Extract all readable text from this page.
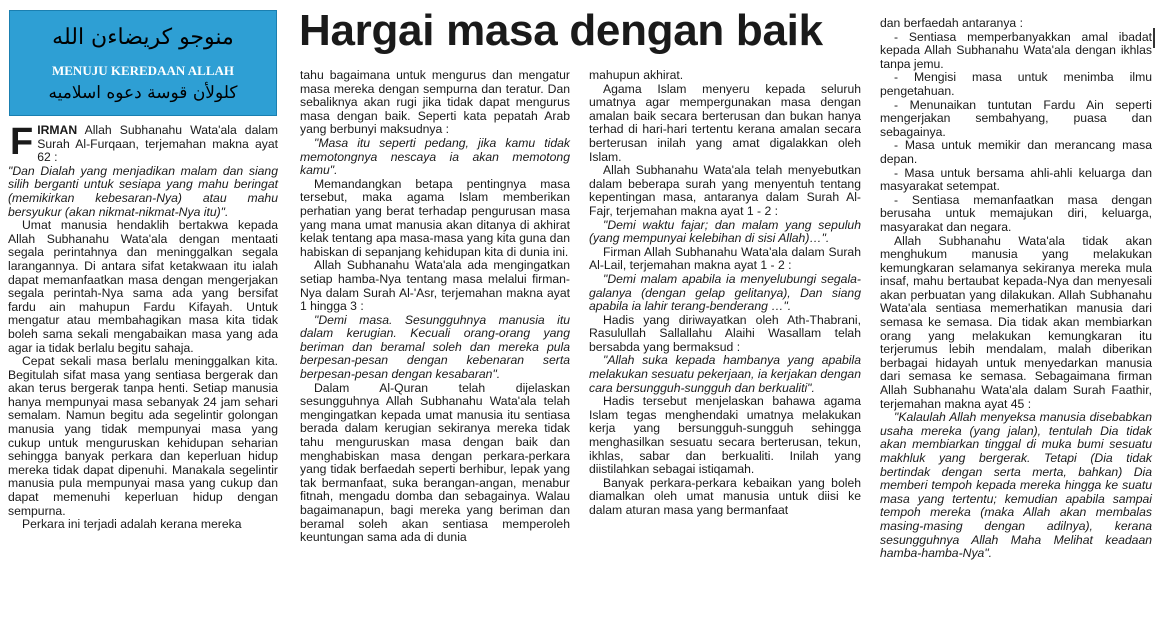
منوجو كريضاءن الله
MENUJU KEREDAAN ALLAH
كلولأن قوسة دعوه اسلاميه
Hargai masa dengan baik

FIRMAN Allah Subhanahu Wata'ala dalam Surah Al-Furqaan, terjemahan makna ayat 62 :

"Dan Dialah yang menjadikan malam dan siang silih berganti untuk sesiapa yang mahu beringat (memikirkan kebesaran-Nya) atau mahu bersyukur (akan nikmat-nikmat-Nya itu)".

Umat manusia hendaklih bertakwa kepada Allah Subhanahu Wata'ala dengan mentaati segala perintahnya dan meninggalkan segala larangannya. Di antara sifat ketakwaan itu ialah dapat memanfaatkan masa dengan mengerjakan segala perintah-Nya sama ada yang bersifat fardu ain mahupun Fardu Kifayah. Untuk mengatur atau membahagikan masa kita tidak boleh sama sekali mengabaikan masa yang ada agar ia tidak berlalu begitu sahaja.

Cepat sekali masa berlalu meninggalkan kita. Begitulah sifat masa yang sentiasa bergerak dan akan terus bergerak tanpa henti. Setiap manusia hanya mempunyai masa sebanyak 24 jam sehari semalam. Namun begitu ada segelintir golongan manusia yang tidak mempunyai masa yang cukup untuk menguruskan kehidupan seharian sehingga banyak perkara dan keperluan hidup mereka tidak dapat dipenuhi. Manakala segelintir manusia pula mempunyai masa yang cukup dan dapat memenuhi keperluan hidup dengan sempurna.

Perkara ini terjadi adalah kerana mereka

tahu bagaimana untuk mengurus dan mengatur masa mereka dengan sempurna dan teratur. Dan sebaliknya akan rugi jika tidak dapat mengurus masa dengan baik. Seperti kata pepatah Arab yang berbunyi maksudnya :

"Masa itu seperti pedang, jika kamu tidak memotongnya nescaya ia akan memotong kamu".

Memandangkan betapa pentingnya masa tersebut, maka agama Islam memberikan perhatian yang berat terhadap pengurusan masa yang mana umat manusia akan ditanya di akhirat kelak tentang apa masa-masa yang kita guna dan habiskan di sepanjang kehidupan kita di dunia ini.

Allah Subhanahu Wata'ala ada mengingatkan setiap hamba-Nya tentang masa melalui firman-Nya dalam Surah Al-'Asr, terjemahan makna ayat 1 hingga 3 :

"Demi masa. Sesungguhnya manusia itu dalam kerugian. Kecuali orang-orang yang beriman dan beramal soleh dan mereka pula berpesan-pesan dengan kebenaran serta berpesan-pesan dengan kesabaran".

Dalam Al-Quran telah dijelaskan sesungguhnya Allah Subhanahu Wata'ala telah mengingatkan kepada umat manusia itu sentiasa berada dalam kerugian sekiranya mereka tidak tahu menguruskan masa dengan baik dan menghabiskan masa dengan perkara-perkara yang tidak berfaedah seperti berhibur, lepak yang tak bermanfaat, suka berangan-angan, menabur fitnah, mengadu domba dan sebagainya. Walau bagaimanapun, bagi mereka yang beriman dan beramal soleh akan sentiasa memperoleh keuntungan sama ada di dunia

mahupun akhirat.

Agama Islam menyeru kepada seluruh umatnya agar mempergunakan masa dengan amalan baik secara berterusan dan bukan hanya terhad di hari-hari tertentu kerana amalan secara berterusan inilah yang amat digalakkan oleh Islam.

Allah Subhanahu Wata'ala telah menyebutkan dalam beberapa surah yang menyentuh tentang kepentingan masa, antaranya dalam Surah Al-Fajr, terjemahan makna ayat 1 - 2 :

"Demi waktu fajar; dan malam yang sepuluh (yang mempunyai kelebihan di sisi Allah)…".

Firman Allah Subhanahu Wata'ala dalam Surah Al-Lail, terjemahan makna ayat 1 - 2 :

"Demi malam apabila ia menyelubungi segala-galanya (dengan gelap gelitanya), Dan siang apabila ia lahir terang-benderang …".

Hadis yang diriwayatkan oleh Ath-Thabrani, Rasulullah Sallallahu Alaihi Wasallam telah bersabda yang bermaksud :

"Allah suka kepada hambanya yang apabila melakukan sesuatu pekerjaan, ia kerjakan dengan cara bersungguh-sungguh dan berkualiti".

Hadis tersebut menjelaskan bahawa agama Islam tegas menghendaki umatnya melakukan kerja yang bersungguh-sungguh sehingga menghasilkan sesuatu secara berterusan, tekun, ikhlas, sabar dan berkualiti. Inilah yang diistilahkan sebagai istiqamah.

Banyak perkara-perkara kebaikan yang boleh diamalkan oleh umat manusia untuk diisi ke dalam aturan masa yang bermanfaat

dan berfaedah antaranya :

- Sentiasa memperbanyakkan amal ibadat kepada Allah Subhanahu Wata'ala dengan ikhlas tanpa jemu.

- Mengisi masa untuk menimba ilmu pengetahuan.

- Menunaikan tuntutan Fardu Ain seperti mengerjakan sembahyang, puasa dan sebagainya.

- Masa untuk memikir dan merancang masa depan.

- Masa untuk bersama ahli-ahli keluarga dan masyarakat setempat.

- Sentiasa memanfaatkan masa dengan berusaha untuk memajukan diri, keluarga, masyarakat dan negara.

Allah Subhanahu Wata'ala tidak akan menghukum manusia yang melakukan kemungkaran selamanya sekiranya mereka mula insaf, mahu bertaubat kepada-Nya dan menyesali akan perbuatan yang dilakukan. Allah Subhanahu Wata'ala sentiasa memerhatikan manusia dari semasa ke semasa. Dia tidak akan membiarkan orang yang melakukan kemungkaran itu terjerumus lebih mendalam, malah diberikan berbagai hidayah untuk menyedarkan manusia dari semasa ke semasa. Sebagaimana firman Allah Subhanahu Wata'ala dalam Surah Faathir, terjemahan makna ayat 45 :

"Kalaulah Allah menyeksa manusia disebabkan usaha mereka (yang jalan), tentulah Dia tidak akan membiarkan tinggal di muka bumi sesuatu makhluk yang bergerak. Tetapi (Dia tidak bertindak dengan serta merta, bahkan) Dia memberi tempoh kepada mereka hingga ke suatu masa yang tertentu; kemudian apabila sampai tempoh mereka (maka Allah akan membalas masing-masing dengan adilnya), kerana sesungguhnya Allah Maha Melihat keadaan hamba-hamba-Nya".
